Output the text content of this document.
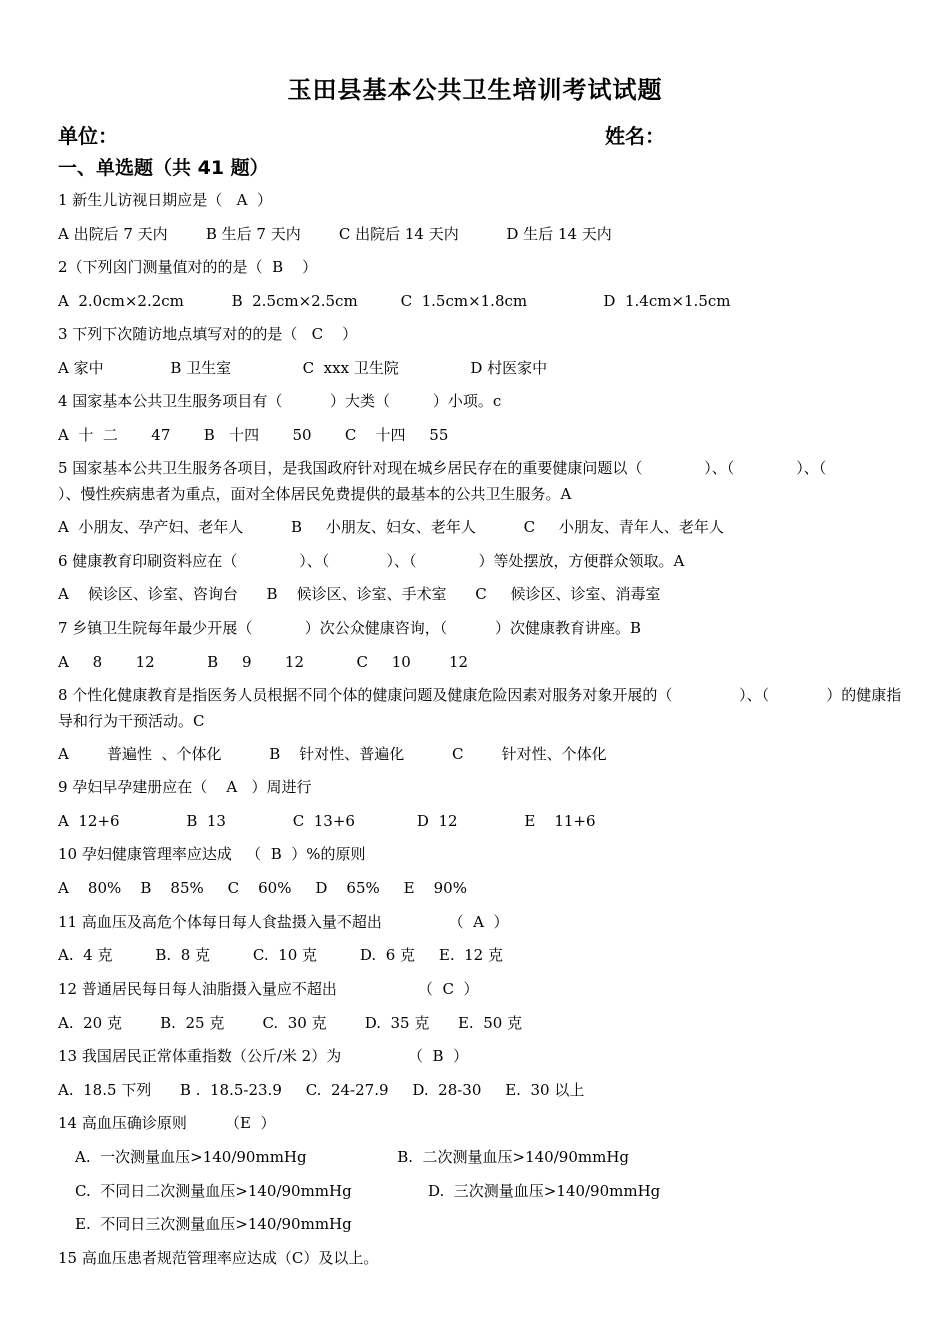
玉田县基本公共卫生培训考试试题
单位：	姓名：
一、单选题（共 41 题）
1 新生儿访视日期应是（   A  ）
A 出院后 7 天内        B 生后 7 天内        C 出院后 14 天内          D 生后 14 天内
2（下列囟门测量值对的的是（  B    ）
A  2.0cm×2.2cm          B  2.5cm×2.5cm         C  1.5cm×1.8cm                D  1.4cm×1.5cm
3 下列下次随访地点填写对的的是（   C    ）
A 家中              B 卫生室               C  xxx 卫生院               D 村医家中
4 国家基本公共卫生服务项目有（          ）大类（         ）小项。c
A  十  二       47       B   十四       50       C    十四     55
5 国家基本公共卫生服务各项目，是我国政府针对现在城乡居民存在的重要健康问题以（             ）、（             ）、（             ）、慢性疾病患者为重点，面对全体居民免费提供的最基本的公共卫生服务。A
A  小朋友、孕产妇、老年人          B     小朋友、妇女、老年人          C     小朋友、青年人、老年人
6 健康教育印刷资料应在（             ）、（            ）、（             ）等处摆放，方便群众领取。A
A    候诊区、诊室、咨询台      B    候诊区、诊室、手术室      C     候诊区、诊室、消毒室
7 乡镇卫生院每年最少开展（           ）次公众健康咨询，（          ）次健康教育讲座。B
A     8       12           B     9       12           C     10        12
8 个性化健康教育是指医务人员根据不同个体的健康问题及健康危险因素对服务对象开展的（              ）、（            ）的健康指导和行为干预活动。C
A        普遍性  、个体化          B    针对性、普遍化          C        针对性、个体化
9 孕妇早孕建册应在（    A   ）周进行
A  12+6              B  13              C  13+6             D  12              E    11+6
10 孕妇健康管理率应达成   （  B  ）%的原则
A    80%    B    85%     C    60%     D    65%     E    90%
11 高血压及高危个体每日每人食盐摄入量不超出              （  A  ）
A.  4 克         B.  8 克         C.  10 克         D.  6 克     E.  12 克
12 普通居民每日每人油脂摄入量应不超出                 （  C  ）
A.  20 克        B.  25 克        C.  30 克        D.  35 克      E.  50 克
13 我国居民正常体重指数（公斤/米 2）为              （  B  ）
A.  18.5 下列      B .  18.5-23.9     C.  24-27.9     D.  28-30     E.  30 以上
14 高血压确诊原则        （E  ）
A.  一次测量血压>140/90mmHg                   B.  二次测量血压>140/90mmHg
C.  不同日二次测量血压>140/90mmHg                D.  三次测量血压>140/90mmHg
E.  不同日三次测量血压>140/90mmHg
15 高血压患者规范管理率应达成（C）及以上。
